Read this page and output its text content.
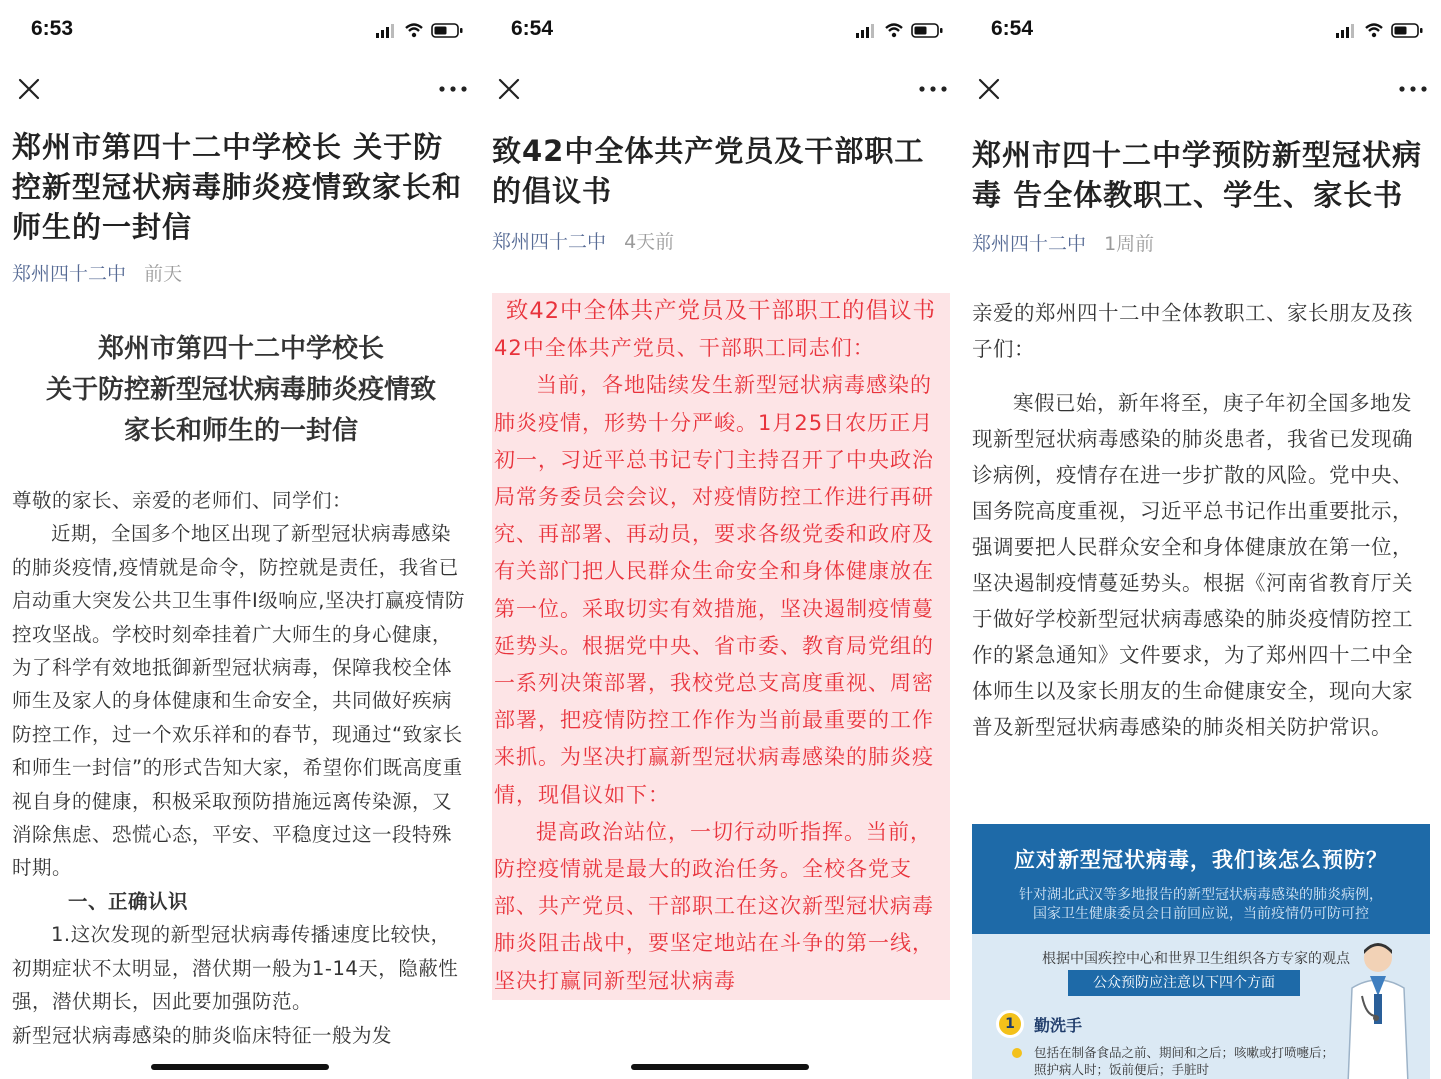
6:53
郑州市第四十二中学校长 关于防控新型冠状病毒肺炎疫情致家长和师生的一封信
郑州四十二中 前天
郑州市第四十二中学校长
关于防控新型冠状病毒肺炎疫情致
家长和师生的一封信

尊敬的家长、亲爱的老师们、同学们：

近期，全国多个地区出现了新型冠状病毒感染的肺炎疫情,疫情就是命令，防控就是责任，我省已启动重大突发公共卫生事件Ⅰ级响应,坚决打赢疫情防控攻坚战。学校时刻牵挂着广大师生的身心健康，为了科学有效地抵御新型冠状病毒，保障我校全体师生及家人的身体健康和生命安全，共同做好疾病防控工作，过一个欢乐祥和的春节，现通过“致家长和师生一封信”的形式告知大家，希望你们既高度重视自身的健康，积极采取预防措施远离传染源，又消除焦虑、恐慌心态，平安、平稳度过这一段特殊时期。

一、正确认识

1.这次发现的新型冠状病毒传播速度比较快，初期症状不太明显，潜伏期一般为1-14天，隐蔽性强，潜伏期长，因此要加强防范。

新型冠状病毒感染的肺炎临床特征一般为发

6:54
致42中全体共产党员及干部职工的倡议书
郑州四十二中 4天前

致42中全体共产党员及干部职工的倡议书

42中全体共产党员、干部职工同志们：

当前，各地陆续发生新型冠状病毒感染的肺炎疫情，形势十分严峻。1月25日农历正月初一，习近平总书记专门主持召开了中央政治局常务委员会会议，对疫情防控工作进行再研究、再部署、再动员，要求各级党委和政府及有关部门把人民群众生命安全和身体健康放在第一位。采取切实有效措施，坚决遏制疫情蔓延势头。根据党中央、省市委、教育局党组的一系列决策部署，我校党总支高度重视、周密部署，把疫情防控工作作为当前最重要的工作来抓。为坚决打赢新型冠状病毒感染的肺炎疫情，现倡议如下：

提高政治站位，一切行动听指挥。当前，防控疫情就是最大的政治任务。全校各党支部、共产党员、干部职工在这次新型冠状病毒肺炎阻击战中，要坚定地站在斗争的第一线，坚决打赢同新型冠状病毒

6:54
郑州市四十二中学预防新型冠状病毒 告全体教职工、学生、家长书
郑州四十二中 1周前

亲爱的郑州四十二中全体教职工、家长朋友及孩子们：

寒假已始，新年将至，庚子年初全国多地发现新型冠状病毒感染的肺炎患者，我省已发现确诊病例，疫情存在进一步扩散的风险。党中央、国务院高度重视，习近平总书记作出重要批示，强调要把人民群众安全和身体健康放在第一位，坚决遏制疫情蔓延势头。根据《河南省教育厅关于做好学校新型冠状病毒感染的肺炎疫情防控工作的紧急通知》文件要求，为了郑州四十二中全体师生以及家长朋友的生命健康安全，现向大家普及新型冠状病毒感染的肺炎相关防护常识。

应对新型冠状病毒，我们该怎么预防？
针对湖北武汉等多地报告的新型冠状病毒感染的肺炎病例，
国家卫生健康委员会日前回应说，当前疫情仍可防可控
根据中国疾控中心和世界卫生组织各方专家的观点
公众预防应注意以下四个方面
1	勤洗手
包括在制备食品之前、期间和之后；咳嗽或打喷嚏后；照护病人时；饭前便后；手脏时
